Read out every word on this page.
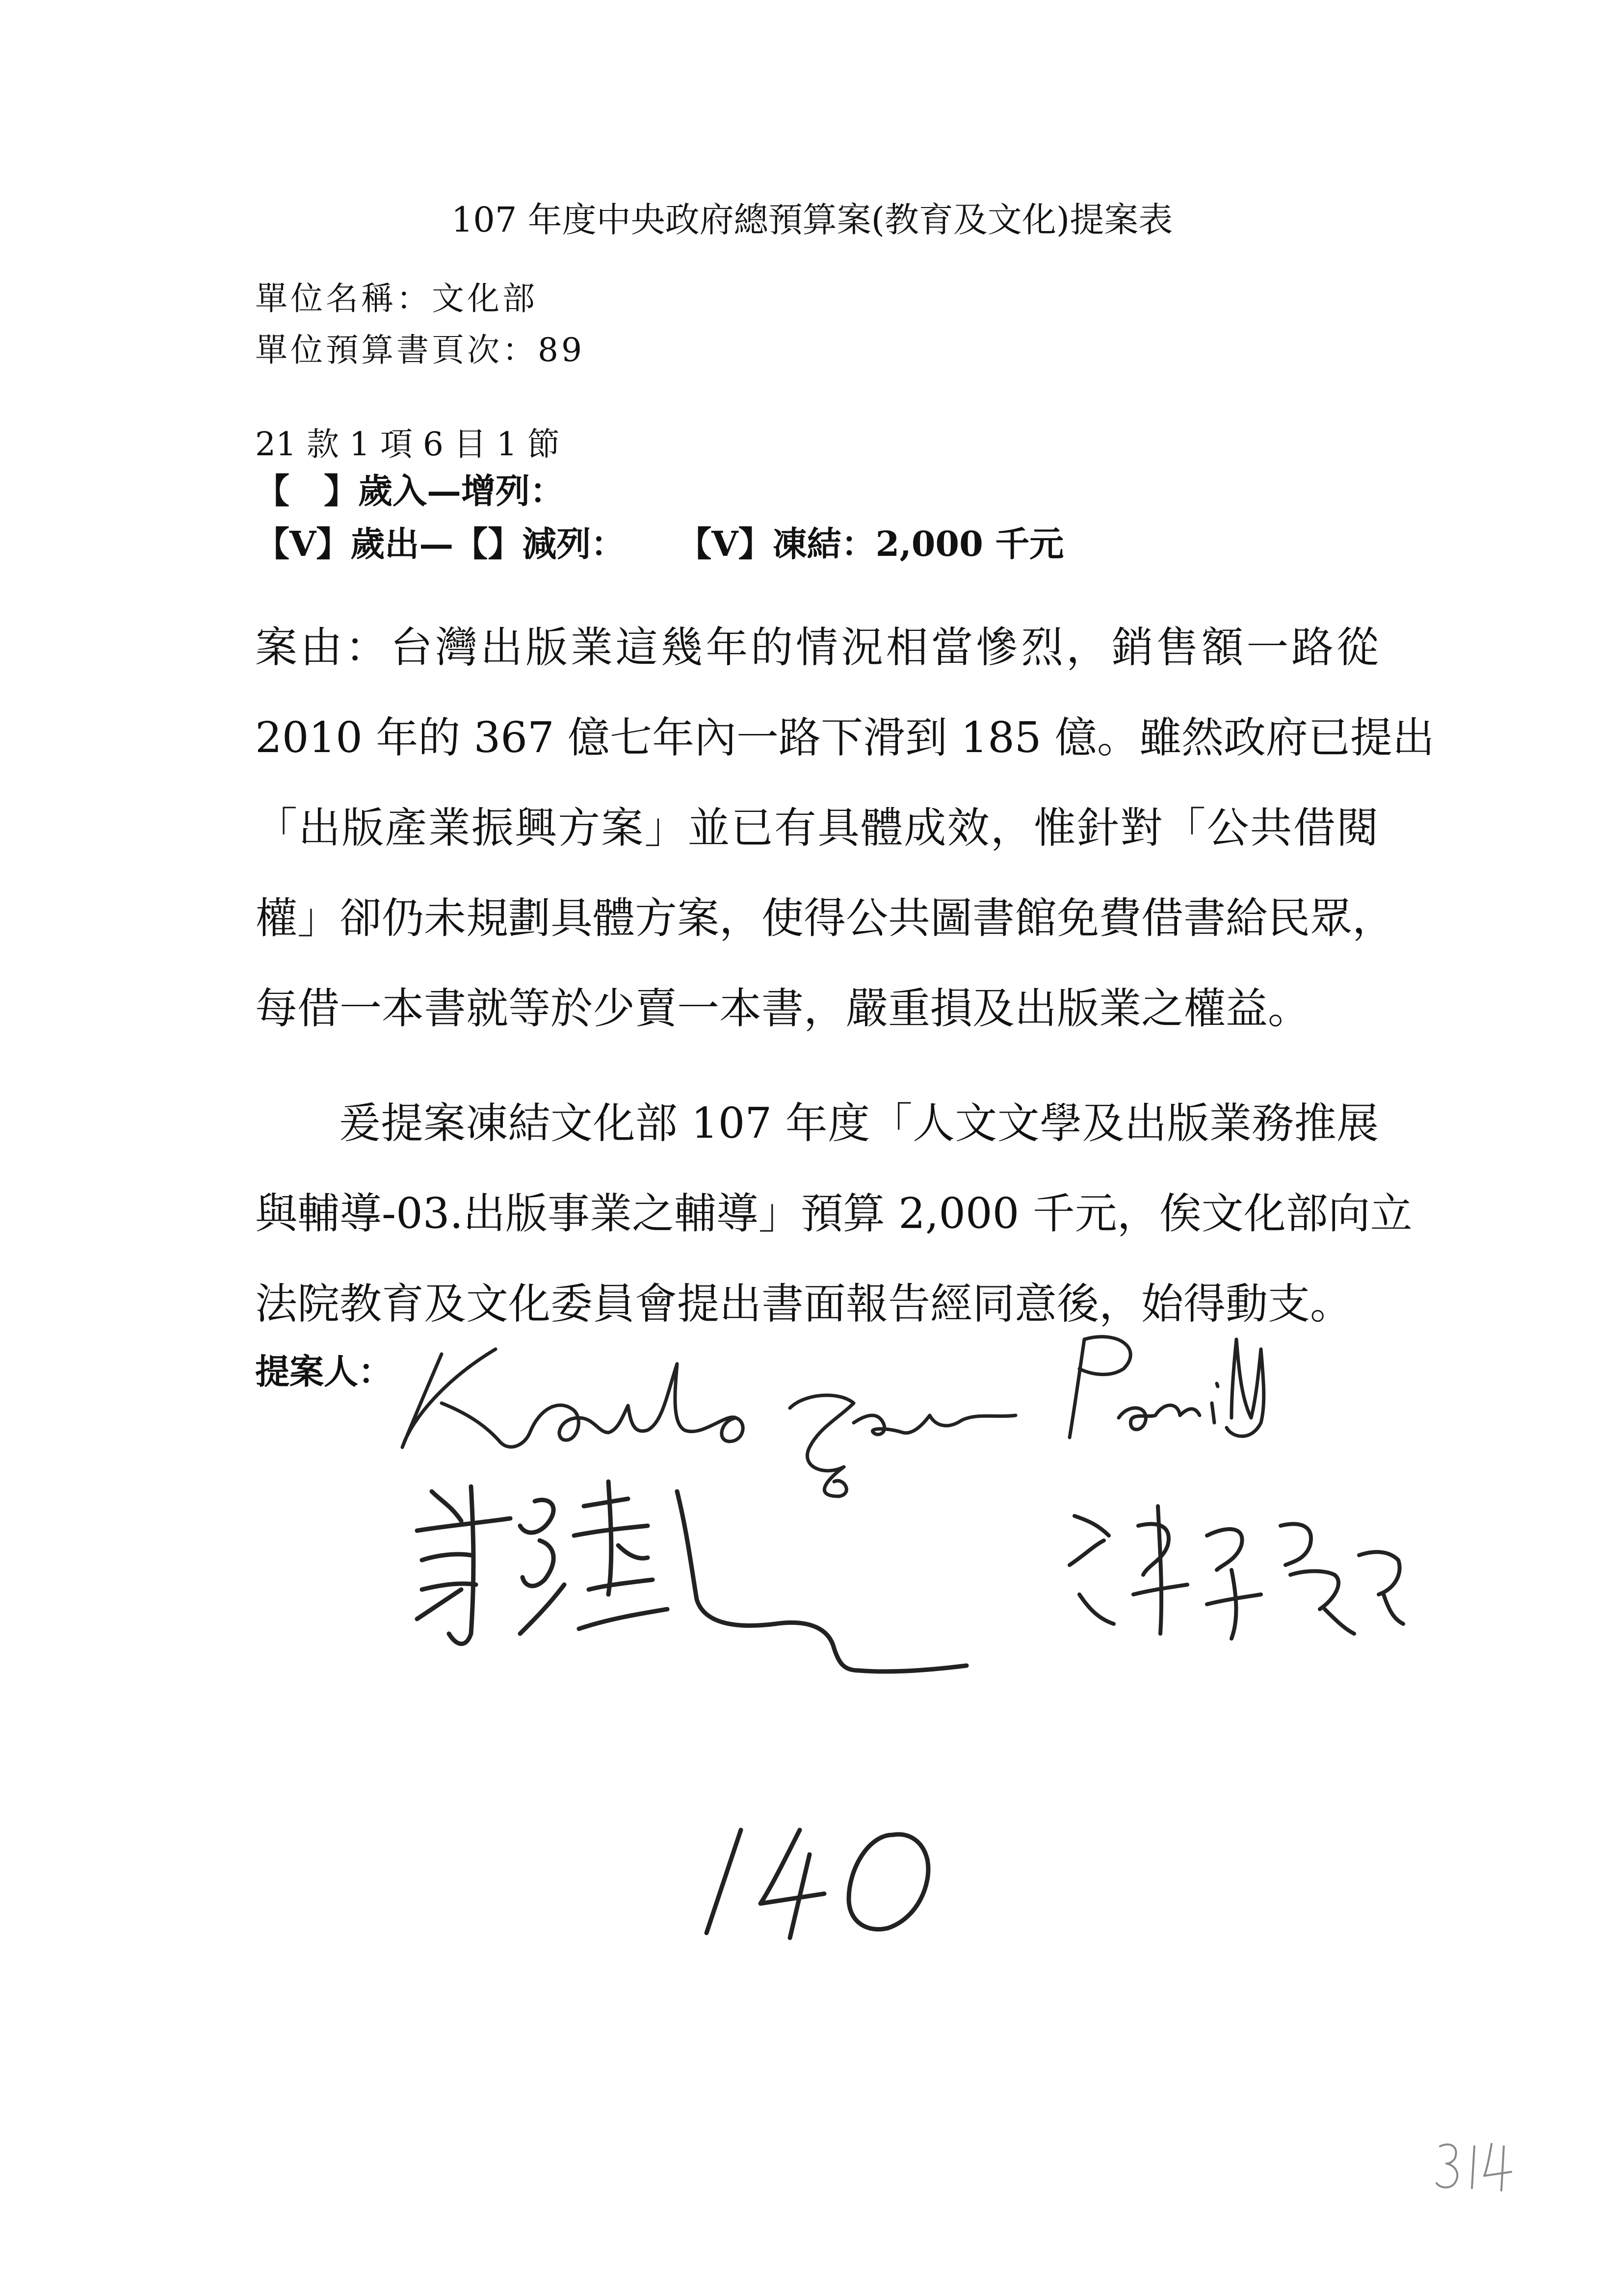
107 年度中央政府總預算案(教育及文化)提案表
單位名稱：文化部
單位預算書頁次：89
21 款 1 項 6 目 1 節
【　】歲入—增列：
【V】歲出—【】減列： 【V】凍結：2,000 千元
案由：台灣出版業這幾年的情況相當慘烈，銷售額一路從
2010 年的 367 億七年內一路下滑到 185 億。雖然政府已提出
「出版產業振興方案」並已有具體成效，惟針對「公共借閱
權」卻仍未規劃具體方案，使得公共圖書館免費借書給民眾，
每借一本書就等於少賣一本書，嚴重損及出版業之權益。
爰提案凍結文化部 107 年度「人文文學及出版業務推展
與輔導-03.出版事業之輔導」預算 2,000 千元，俟文化部向立
法院教育及文化委員會提出書面報告經同意後，始得動支。
提案人：
